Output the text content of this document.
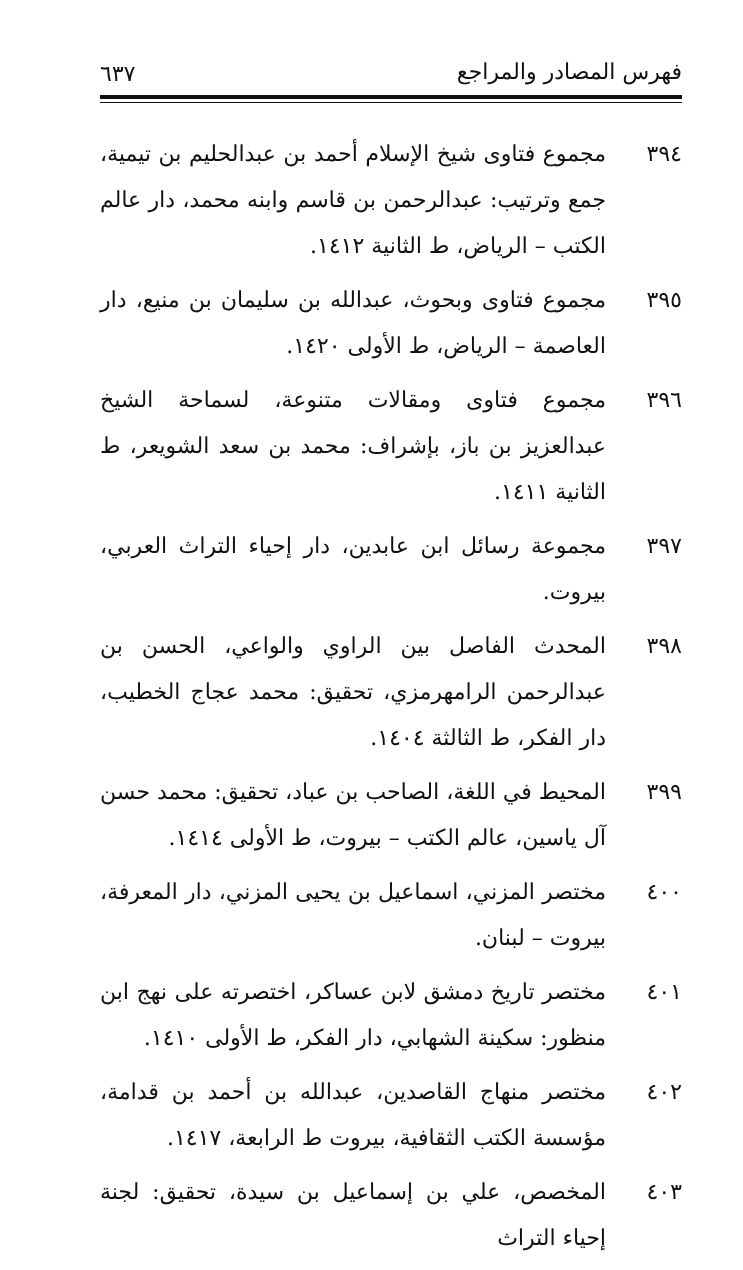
فهرس المصادر والمراجع
٦٣٧
٣٩٤
مجموع فتاوى شيخ الإسلام أحمد بن عبدالحليم بن تيمية، جمع وترتيب: عبدالرحمن بن قاسم وابنه محمد، دار عالم الكتب – الرياض، ط الثانية ١٤١٢.
٣٩٥
مجموع فتاوى وبحوث، عبدالله بن سليمان بن منيع، دار العاصمة – الرياض، ط الأولى ١٤٢٠.
٣٩٦
مجموع فتاوى ومقالات متنوعة، لسماحة الشيخ عبدالعزيز بن باز، بإشراف: محمد بن سعد الشويعر، ط الثانية ١٤١١.
٣٩٧
مجموعة رسائل ابن عابدين، دار إحياء التراث العربي، بيروت.
٣٩٨
المحدث الفاصل بين الراوي والواعي، الحسن بن عبدالرحمن الرامهرمزي، تحقيق: محمد عجاج الخطيب، دار الفكر، ط الثالثة ١٤٠٤.
٣٩٩
المحيط في اللغة، الصاحب بن عباد، تحقيق: محمد حسن آل ياسين، عالم الكتب – بيروت، ط الأولى ١٤١٤.
٤٠٠
مختصر المزني، اسماعيل بن يحيى المزني، دار المعرفة، بيروت – لبنان.
٤٠١
مختصر تاريخ دمشق لابن عساكر، اختصرته على نهج ابن منظور: سكينة الشهابي، دار الفكر، ط الأولى ١٤١٠.
٤٠٢
مختصر منهاج القاصدين، عبدالله بن أحمد بن قدامة، مؤسسة الكتب الثقافية، بيروت ط الرابعة، ١٤١٧.
٤٠٣
المخصص، علي بن إسماعيل بن سيدة، تحقيق: لجنة إحياء التراث
